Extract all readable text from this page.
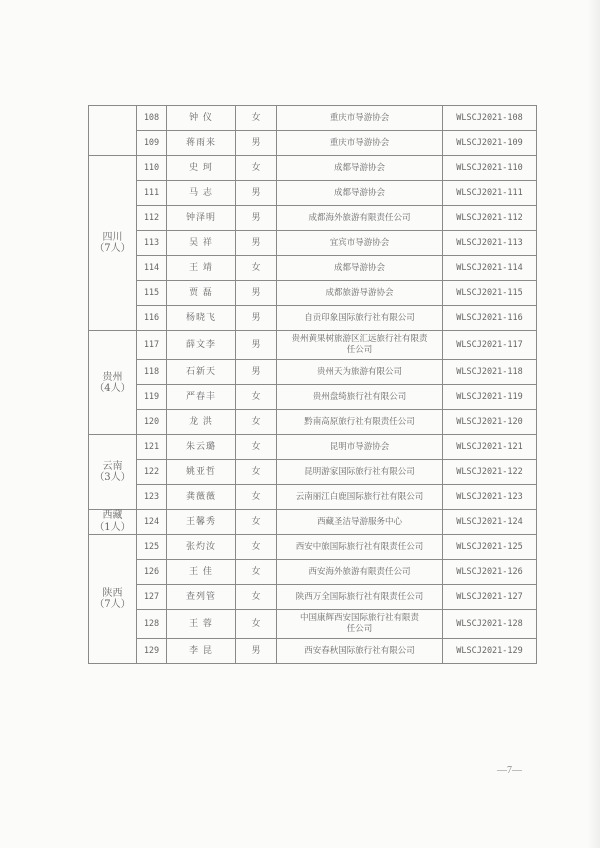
	108	钟 仪	女	重庆市导游协会	WLSCJ2021-108
	109	蒋雨来	男	重庆市导游协会	WLSCJ2021-109

四川
（7人）	110	史 珂	女	成都导游协会	WLSCJ2021-110
	111	马 志	男	成都导游协会	WLSCJ2021-111
	112	钟泽明	男	成都海外旅游有限责任公司	WLSCJ2021-112
	113	吴 祥	男	宜宾市导游协会	WLSCJ2021-113
	114	王 靖	女	成都导游协会	WLSCJ2021-114
	115	贾 磊	男	成都旅游导游协会	WLSCJ2021-115
	116	杨晓飞	男	自贡印象国际旅行社有限公司	WLSCJ2021-116

贵州
（4人）	117	薛文李	男	贵州黄果树旅游区汇远旅行社有限责任公司	WLSCJ2021-117
	118	石新天	男	贵州天为旅游有限公司	WLSCJ2021-118
	119	严春丰	女	贵州盘绮旅行社有限公司	WLSCJ2021-119
	120	龙 洪	女	黔南高原旅行社有限责任公司	WLSCJ2021-120

云南
（3人）	121	朱云璐	女	昆明市导游协会	WLSCJ2021-121
	122	姚亚哲	女	昆明游家国际旅行社有限公司	WLSCJ2021-122
	123	龚薇薇	女	云南丽江白鹿国际旅行社有限公司	WLSCJ2021-123

西藏
（1人）	124	王馨秀	女	西藏圣洁导游服务中心	WLSCJ2021-124

陕西
（7人）	125	张灼汝	女	西安中旅国际旅行社有限责任公司	WLSCJ2021-125
	126	王 佳	女	西安海外旅游有限责任公司	WLSCJ2021-126
	127	查列管	女	陕西万全国际旅行社有限责任公司	WLSCJ2021-127
	128	王 蓉	女	中国康辉西安国际旅行社有限责任公司	WLSCJ2021-128
	129	李 昆	男	西安春秋国际旅行社有限公司	WLSCJ2021-129
—7—
